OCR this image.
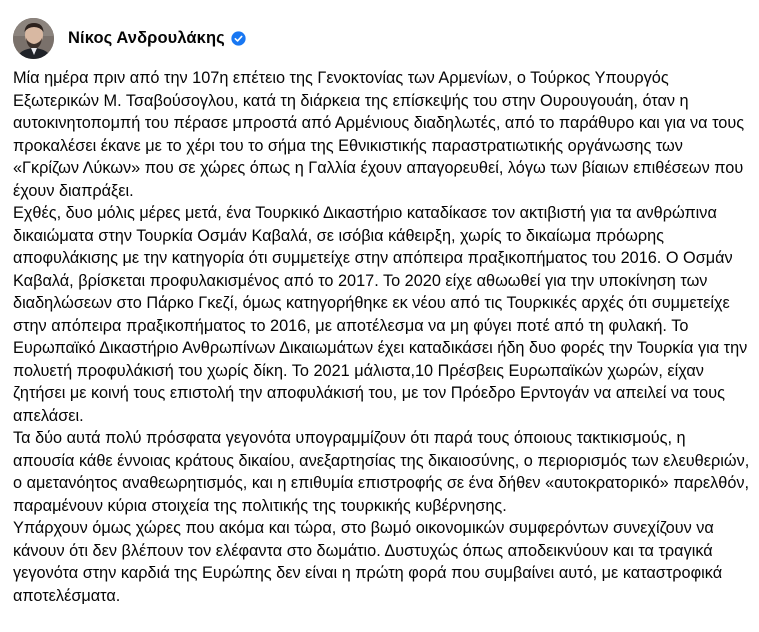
Νίκος Ανδρουλάκης

Μία ημέρα πριν από την 107η επέτειο της Γενοκτονίας των Αρμενίων, ο Τούρκος Υπουργός Εξωτερικών Μ. Τσαβούσογλου, κατά τη διάρκεια της επίσκεψής του στην Ουρουγουάη, όταν η αυτοκινητοπομπή του πέρασε μπροστά από Αρμένιους διαδηλωτές, από το παράθυρο και για να τους προκαλέσει έκανε με το χέρι του το σήμα της Εθνικιστικής παραστρατιωτικής οργάνωσης των «Γκρίζων Λύκων» που σε χώρες όπως η Γαλλία έχουν απαγορευθεί, λόγω των βίαιων επιθέσεων που έχουν διαπράξει.

Εχθές, δυο μόλις μέρες μετά, ένα Τουρκικό Δικαστήριο καταδίκασε τον ακτιβιστή για τα ανθρώπινα δικαιώματα στην Τουρκία Οσμάν Καβαλά, σε ισόβια κάθειρξη, χωρίς το δικαίωμα πρόωρης αποφυλάκισης με την κατηγορία ότι συμμετείχε στην απόπειρα πραξικοπήματος του 2016. Ο Οσμάν Καβαλά, βρίσκεται προφυλακισμένος από το 2017. Το 2020 είχε αθωωθεί για την υποκίνηση των διαδηλώσεων στο Πάρκο Γκεζί, όμως κατηγορήθηκε εκ νέου από τις Τουρκικές αρχές ότι συμμετείχε στην απόπειρα πραξικοπήματος το 2016, με αποτέλεσμα να μη φύγει ποτέ από τη φυλακή. Το Ευρωπαϊκό Δικαστήριο Ανθρωπίνων Δικαιωμάτων έχει καταδικάσει ήδη δυο φορές την Τουρκία για την πολυετή προφυλάκισή του χωρίς δίκη. Το 2021 μάλιστα,10 Πρέσβεις Ευρωπαϊκών χωρών, είχαν ζητήσει με κοινή τους επιστολή την αποφυλάκισή του, με τον Πρόεδρο Ερντογάν να απειλεί να τους απελάσει.

Τα δύο αυτά πολύ πρόσφατα γεγονότα υπογραμμίζουν ότι παρά τους όποιους τακτικισμούς, η απουσία κάθε έννοιας κράτους δικαίου, ανεξαρτησίας της δικαιοσύνης, ο περιορισμός των ελευθεριών, ο αμετανόητος αναθεωρητισμός, και η επιθυμία επιστροφής σε ένα δήθεν «αυτοκρατορικό» παρελθόν, παραμένουν κύρια στοιχεία της πολιτικής της τουρκικής κυβέρνησης.

Υπάρχουν όμως χώρες που ακόμα και τώρα, στο βωμό οικονομικών συμφερόντων συνεχίζουν να κάνουν ότι δεν βλέπουν τον ελέφαντα στο δωμάτιο. Δυστυχώς όπως αποδεικνύουν και τα τραγικά γεγονότα στην καρδιά της Ευρώπης δεν είναι η πρώτη φορά που συμβαίνει αυτό, με καταστροφικά αποτελέσματα.
